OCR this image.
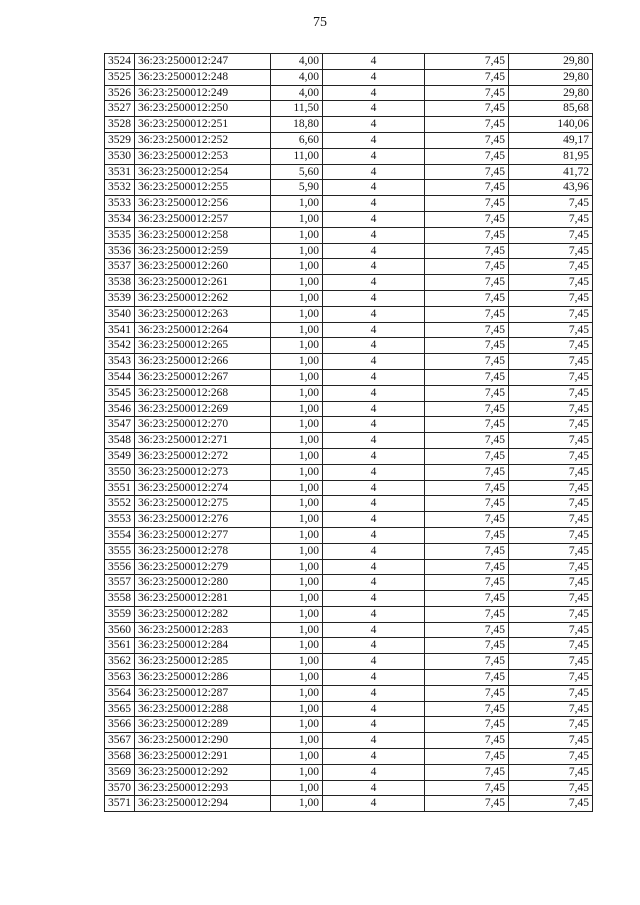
75
3524	36:23:2500012:247	4,00	4	7,45	29,80
3525	36:23:2500012:248	4,00	4	7,45	29,80
3526	36:23:2500012:249	4,00	4	7,45	29,80
3527	36:23:2500012:250	11,50	4	7,45	85,68
3528	36:23:2500012:251	18,80	4	7,45	140,06
3529	36:23:2500012:252	6,60	4	7,45	49,17
3530	36:23:2500012:253	11,00	4	7,45	81,95
3531	36:23:2500012:254	5,60	4	7,45	41,72
3532	36:23:2500012:255	5,90	4	7,45	43,96
3533	36:23:2500012:256	1,00	4	7,45	7,45
3534	36:23:2500012:257	1,00	4	7,45	7,45
3535	36:23:2500012:258	1,00	4	7,45	7,45
3536	36:23:2500012:259	1,00	4	7,45	7,45
3537	36:23:2500012:260	1,00	4	7,45	7,45
3538	36:23:2500012:261	1,00	4	7,45	7,45
3539	36:23:2500012:262	1,00	4	7,45	7,45
3540	36:23:2500012:263	1,00	4	7,45	7,45
3541	36:23:2500012:264	1,00	4	7,45	7,45
3542	36:23:2500012:265	1,00	4	7,45	7,45
3543	36:23:2500012:266	1,00	4	7,45	7,45
3544	36:23:2500012:267	1,00	4	7,45	7,45
3545	36:23:2500012:268	1,00	4	7,45	7,45
3546	36:23:2500012:269	1,00	4	7,45	7,45
3547	36:23:2500012:270	1,00	4	7,45	7,45
3548	36:23:2500012:271	1,00	4	7,45	7,45
3549	36:23:2500012:272	1,00	4	7,45	7,45
3550	36:23:2500012:273	1,00	4	7,45	7,45
3551	36:23:2500012:274	1,00	4	7,45	7,45
3552	36:23:2500012:275	1,00	4	7,45	7,45
3553	36:23:2500012:276	1,00	4	7,45	7,45
3554	36:23:2500012:277	1,00	4	7,45	7,45
3555	36:23:2500012:278	1,00	4	7,45	7,45
3556	36:23:2500012:279	1,00	4	7,45	7,45
3557	36:23:2500012:280	1,00	4	7,45	7,45
3558	36:23:2500012:281	1,00	4	7,45	7,45
3559	36:23:2500012:282	1,00	4	7,45	7,45
3560	36:23:2500012:283	1,00	4	7,45	7,45
3561	36:23:2500012:284	1,00	4	7,45	7,45
3562	36:23:2500012:285	1,00	4	7,45	7,45
3563	36:23:2500012:286	1,00	4	7,45	7,45
3564	36:23:2500012:287	1,00	4	7,45	7,45
3565	36:23:2500012:288	1,00	4	7,45	7,45
3566	36:23:2500012:289	1,00	4	7,45	7,45
3567	36:23:2500012:290	1,00	4	7,45	7,45
3568	36:23:2500012:291	1,00	4	7,45	7,45
3569	36:23:2500012:292	1,00	4	7,45	7,45
3570	36:23:2500012:293	1,00	4	7,45	7,45
3571	36:23:2500012:294	1,00	4	7,45	7,45
